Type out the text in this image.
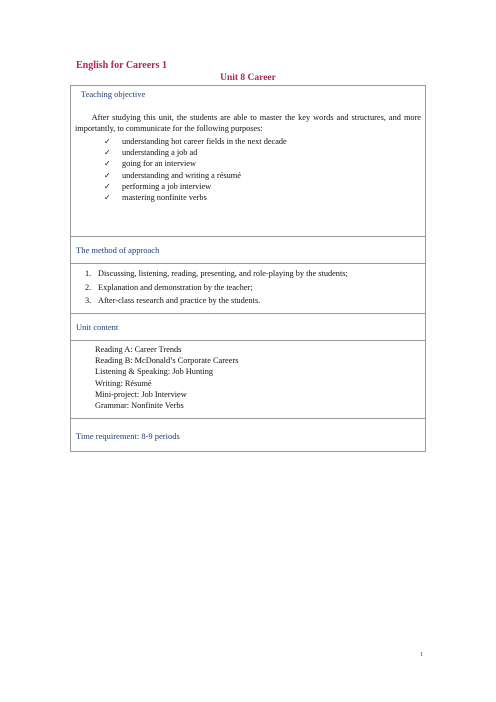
English for Careers 1
Unit 8 Career
Teaching objective
After studying this unit, the students are able to master the key words and structures, and more importantly, to communicate for the following purposes:
✓ understanding hot career fields in the next decade
✓ understanding a job ad
✓ going for an interview
✓ understanding and writing a résumé
✓ performing a job interview
✓ mastering nonfinite verbs
The method of approach
1. Discussing, listening, reading, presenting, and role-playing by the students;
2. Explanation and demonstration by the teacher;
3. After-class research and practice by the students.
Unit content
Reading A: Career Trends
Reading B: McDonald’s Corporate Careers
Listening & Speaking: Job Hunting
Writing: Résumé
Mini-project: Job Interview
Grammar: Nonfinite Verbs
Time requirement: 8-9 periods
1
